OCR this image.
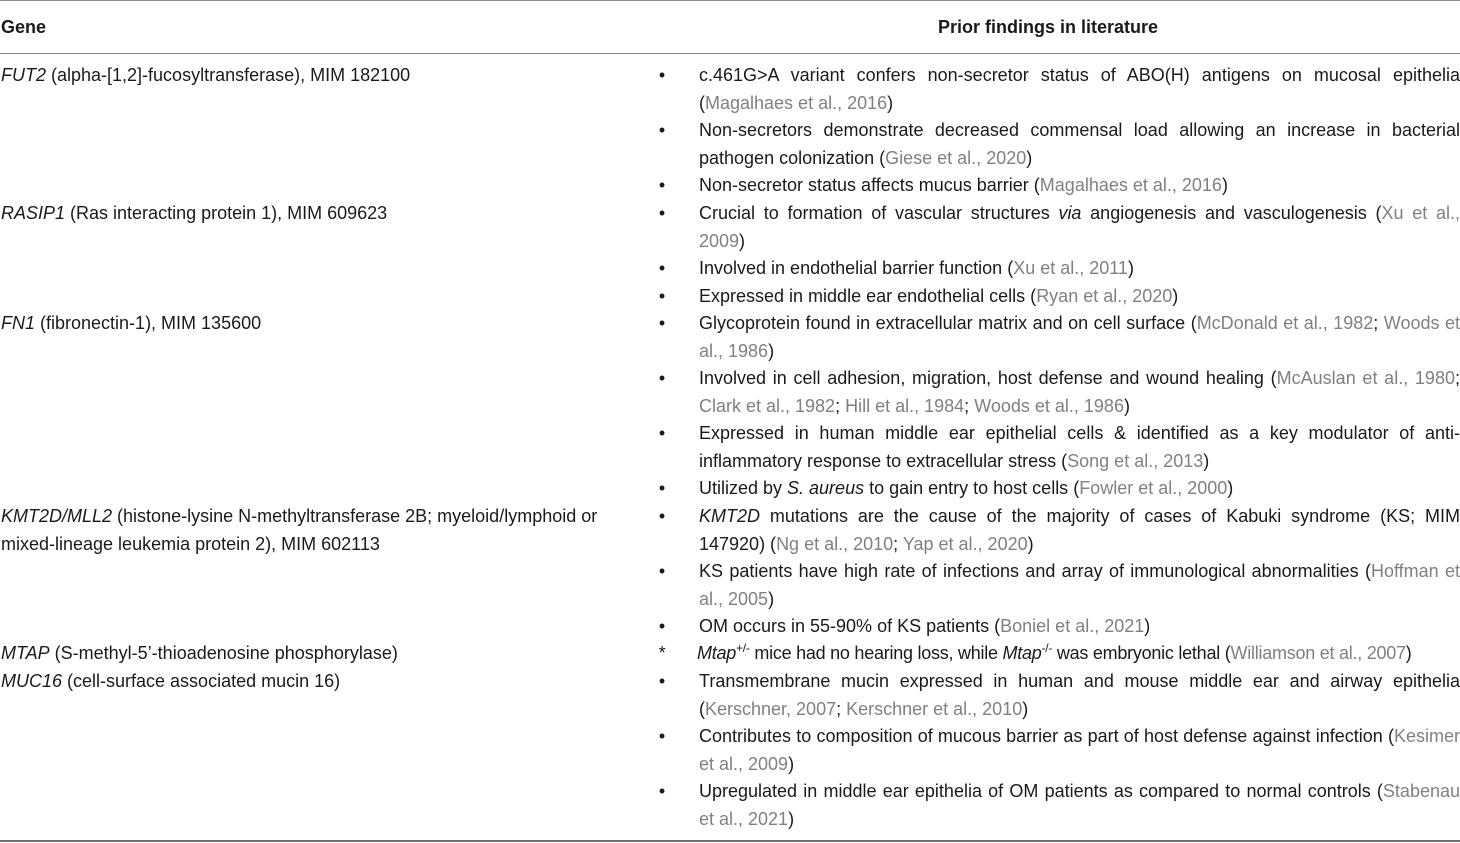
Gene	Prior findings in literature
FUT2 (alpha-[1,2]-fucosyltransferase), MIM 182100	• c.461G>A variant confers non-secretor status of ABO(H) antigens on mucosal epithelia (Magalhaes et al., 2016)
• Non-secretors demonstrate decreased commensal load allowing an increase in bacterial pathogen colonization (Giese et al., 2020)
• Non-secretor status affects mucus barrier (Magalhaes et al., 2016)
RASIP1 (Ras interacting protein 1), MIM 609623	• Crucial to formation of vascular structures via angiogenesis and vasculogenesis (Xu et al., 2009)
• Involved in endothelial barrier function (Xu et al., 2011)
• Expressed in middle ear endothelial cells (Ryan et al., 2020)
FN1 (fibronectin-1), MIM 135600	• Glycoprotein found in extracellular matrix and on cell surface (McDonald et al., 1982; Woods et al., 1986)
• Involved in cell adhesion, migration, host defense and wound healing (McAuslan et al., 1980; Clark et al., 1982; Hill et al., 1984; Woods et al., 1986)
• Expressed in human middle ear epithelial cells & identified as a key modulator of anti-inflammatory response to extracellular stress (Song et al., 2013)
• Utilized by S. aureus to gain entry to host cells (Fowler et al., 2000)
KMT2D/MLL2 (histone-lysine N-methyltransferase 2B; myeloid/lymphoid or mixed-lineage leukemia protein 2), MIM 602113
• KMT2D mutations are the cause of the majority of cases of Kabuki syndrome (KS; MIM 147920) (Ng et al., 2010; Yap et al., 2020)
• KS patients have high rate of infections and array of immunological abnormalities (Hoffman et al., 2005)
• OM occurs in 55-90% of KS patients (Boniel et al., 2021)
MTAP (S-methyl-5’-thioadenosine phosphorylase)	* Mtap+/- mice had no hearing loss, while Mtap-/- was embryonic lethal (Williamson et al., 2007)
MUC16 (cell-surface associated mucin 16)	• Transmembrane mucin expressed in human and mouse middle ear and airway epithelia (Kerschner, 2007; Kerschner et al., 2010)
• Contributes to composition of mucous barrier as part of host defense against infection (Kesimer et al., 2009)
• Upregulated in middle ear epithelia of OM patients as compared to normal controls (Stabenau et al., 2021)
